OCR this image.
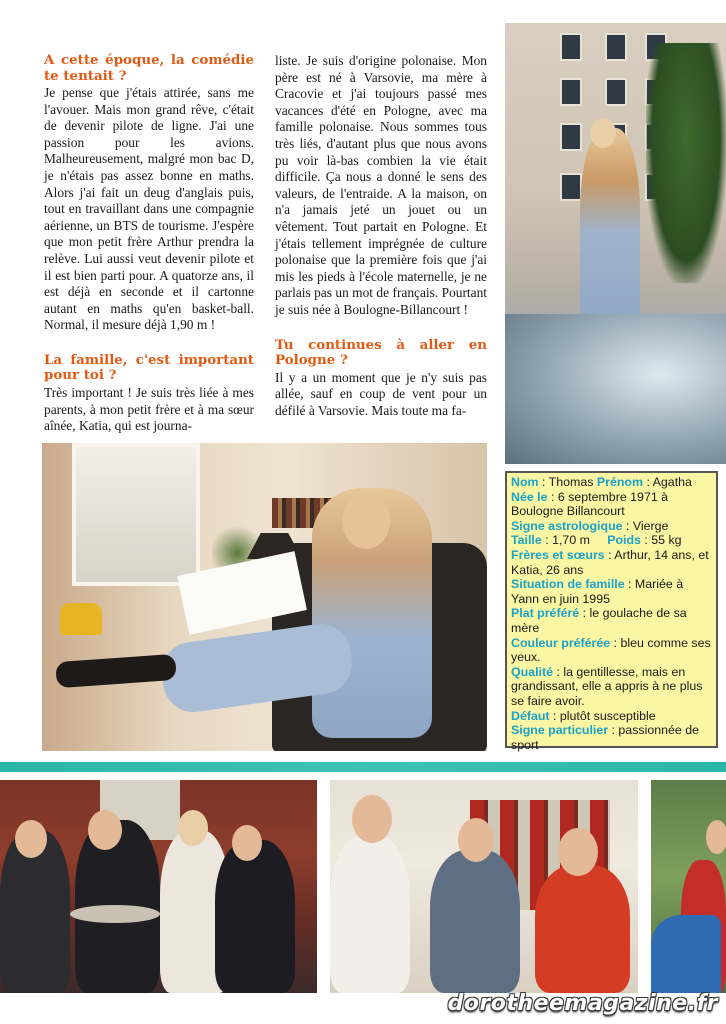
A cette époque, la comédie te tentait ?

Je pense que j'étais attirée, sans me l'avouer. Mais mon grand rêve, c'était de devenir pilote de ligne. J'ai une passion pour les avions. Malheureusement, malgré mon bac D, je n'étais pas assez bonne en maths. Alors j'ai fait un deug d'anglais puis, tout en travaillant dans une compagnie aérienne, un BTS de tourisme. J'espère que mon petit frère Arthur prendra la relève. Lui aussi veut devenir pilote et il est bien parti pour. A quatorze ans, il est déjà en seconde et il cartonne autant en maths qu'en basket-ball. Normal, il mesure déjà 1,90 m !

La famille, c'est important pour toi ?

Très important ! Je suis très liée à mes parents, à mon petit frère et à ma sœur aînée, Katia, qui est journa-

liste. Je suis d'origine polonaise. Mon père est né à Varsovie, ma mère à Cracovie et j'ai toujours passé mes vacances d'été en Pologne, avec ma famille polonaise. Nous sommes tous très liés, d'autant plus que nous avons pu voir là-bas combien la vie était difficile. Ça nous a donné le sens des valeurs, de l'entraide. A la maison, on n'a jamais jeté un jouet ou un vêtement. Tout partait en Pologne. Et j'étais tellement imprégnée de culture polonaise que la première fois que j'ai mis les pieds à l'école maternelle, je ne parlais pas un mot de français. Pourtant je suis née à Boulogne-Billancourt !

Tu continues à aller en Pologne ?

Il y a un moment que je n'y suis pas allée, sauf en coup de vent pour un défilé à Varsovie. Mais toute ma fa-

Nom : Thomas Prénom : Agatha
Née le : 6 septembre 1971 à Boulogne Billancourt
Signe astrologique : Vierge
Taille : 1,70 m     Poids : 55 kg
Frères et sœurs : Arthur, 14 ans, et Katia, 26 ans
Situation de famille : Mariée à Yann en juin 1995
Plat préféré : le goulache de sa mère
Couleur préférée : bleu comme ses yeux.
Qualité : la gentillesse, mais en grandissant, elle a appris à ne plus se faire avoir.
Défaut : plutôt susceptible
Signe particulier : passionnée de sport
dorotheemagazine.fr
